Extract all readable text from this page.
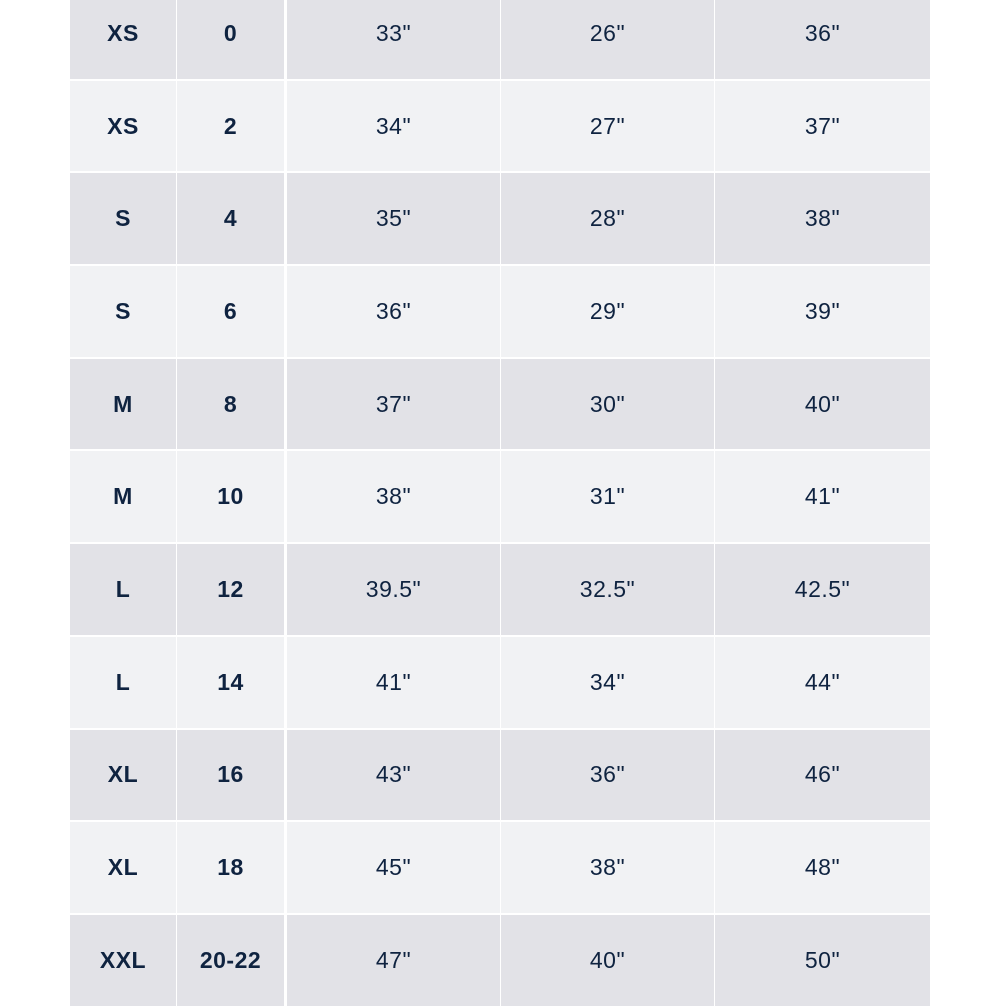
XS	0	33"	26"	36"
XS	2	34"	27"	37"
S	4	35"	28"	38"
S	6	36"	29"	39"
M	8	37"	30"	40"
M	10	38"	31"	41"
L	12	39.5"	32.5"	42.5"
L	14	41"	34"	44"
XL	16	43"	36"	46"
XL	18	45"	38"	48"
XXL	20-22	47"	40"	50"
